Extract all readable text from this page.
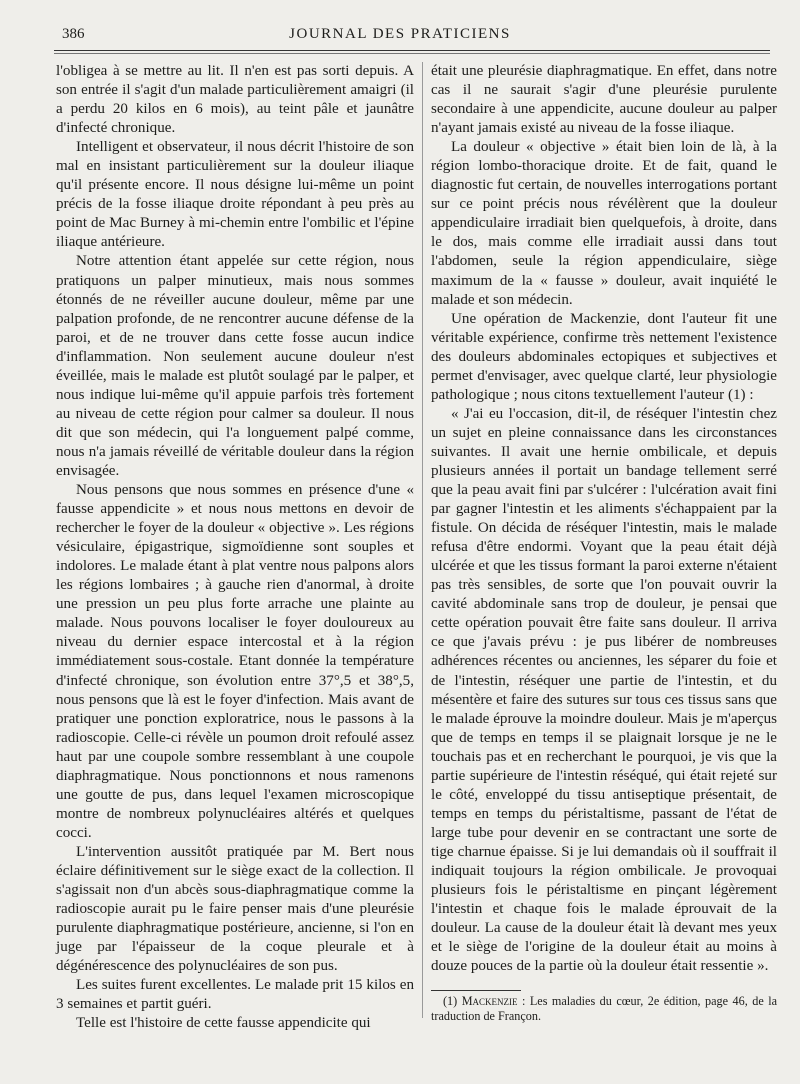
386	JOURNAL DES PRATICIENS

l'obligea à se mettre au lit. Il n'en est pas sorti depuis. A son entrée il s'agit d'un malade particulièrement amaigri (il a perdu 20 kilos en 6 mois), au teint pâle et jaunâtre d'infecté chronique.

Intelligent et observateur, il nous décrit l'histoire de son mal en insistant particulièrement sur la douleur iliaque qu'il présente encore. Il nous désigne lui-même un point précis de la fosse iliaque droite répondant à peu près au point de Mac Burney à mi-chemin entre l'ombilic et l'épine iliaque antérieure.

Notre attention étant appelée sur cette région, nous pratiquons un palper minutieux, mais nous sommes étonnés de ne réveiller aucune douleur, même par une palpation profonde, de ne rencontrer aucune défense de la paroi, et de ne trouver dans cette fosse aucun indice d'inflammation. Non seulement aucune douleur n'est éveillée, mais le malade est plutôt soulagé par le palper, et nous indique lui-même qu'il appuie parfois très fortement au niveau de cette région pour calmer sa douleur. Il nous dit que son médecin, qui l'a longuement palpé comme, nous n'a jamais réveillé de véritable douleur dans la région envisagée.

Nous pensons que nous sommes en présence d'une « fausse appendicite » et nous nous mettons en devoir de rechercher le foyer de la douleur « objective ». Les régions vésiculaire, épigastrique, sigmoïdienne sont souples et indolores. Le malade étant à plat ventre nous palpons alors les régions lombaires ; à gauche rien d'anormal, à droite une pression un peu plus forte arrache une plainte au malade. Nous pouvons localiser le foyer douloureux au niveau du dernier espace intercostal et à la région immédiatement sous-costale. Etant donnée la température d'infecté chronique, son évolution entre 37°,5 et 38°,5, nous pensons que là est le foyer d'infection. Mais avant de pratiquer une ponction exploratrice, nous le passons à la radioscopie. Celle-ci révèle un poumon droit refoulé assez haut par une coupole sombre ressemblant à une coupole diaphragmatique. Nous ponctionnons et nous ramenons une goutte de pus, dans lequel l'examen microscopique montre de nombreux polynucléaires altérés et quelques cocci.

L'intervention aussitôt pratiquée par M. Bert nous éclaire définitivement sur le siège exact de la collection. Il s'agissait non d'un abcès sous-diaphragmatique comme la radioscopie aurait pu le faire penser mais d'une pleurésie purulente diaphragmatique postérieure, ancienne, si l'on en juge par l'épaisseur de la coque pleurale et à dégénérescence des polynucléaires de son pus.

Les suites furent excellentes. Le malade prit 15 kilos en 3 semaines et partit guéri.

Telle est l'histoire de cette fausse appendicite qui

était une pleurésie diaphragmatique. En effet, dans notre cas il ne saurait s'agir d'une pleurésie purulente secondaire à une appendicite, aucune douleur au palper n'ayant jamais existé au niveau de la fosse iliaque.

La douleur « objective » était bien loin de là, à la région lombo-thoracique droite. Et de fait, quand le diagnostic fut certain, de nouvelles interrogations portant sur ce point précis nous révélèrent que la douleur appendiculaire irradiait bien quelquefois, à droite, dans le dos, mais comme elle irradiait aussi dans tout l'abdomen, seule la région appendiculaire, siège maximum de la « fausse » douleur, avait inquiété le malade et son médecin.

Une opération de Mackenzie, dont l'auteur fit une véritable expérience, confirme très nettement l'existence des douleurs abdominales ectopiques et subjectives et permet d'envisager, avec quelque clarté, leur physiologie pathologique ; nous citons textuellement l'auteur (1) :

« J'ai eu l'occasion, dit-il, de réséquer l'intestin chez un sujet en pleine connaissance dans les circonstances suivantes. Il avait une hernie ombilicale, et depuis plusieurs années il portait un bandage tellement serré que la peau avait fini par s'ulcérer : l'ulcération avait fini par gagner l'intestin et les aliments s'échappaient par la fistule. On décida de réséquer l'intestin, mais le malade refusa d'être endormi. Voyant que la peau était déjà ulcérée et que les tissus formant la paroi externe n'étaient pas très sensibles, de sorte que l'on pouvait ouvrir la cavité abdominale sans trop de douleur, je pensai que cette opération pouvait être faite sans douleur. Il arriva ce que j'avais prévu : je pus libérer de nombreuses adhérences récentes ou anciennes, les séparer du foie et de l'intestin, réséquer une partie de l'intestin, et du mésentère et faire des sutures sur tous ces tissus sans que le malade éprouve la moindre douleur. Mais je m'aperçus que de temps en temps il se plaignait lorsque je ne le touchais pas et en recherchant le pourquoi, je vis que la partie supérieure de l'intestin réséqué, qui était rejeté sur le côté, enveloppé du tissu antiseptique présentait, de temps en temps du péristaltisme, passant de l'état de large tube pour devenir en se contractant une sorte de tige charnue épaisse. Si je lui demandais où il souffrait il indiquait toujours la région ombilicale. Je provoquai plusieurs fois le péristaltisme en pinçant légèrement l'intestin et chaque fois le malade éprouvait de la douleur. La cause de la douleur était là devant mes yeux et le siège de l'origine de la douleur était au moins à douze pouces de la partie où la douleur était ressentie ».

(1) Mackenzie : Les maladies du cœur, 2e édition, page 46, de la traduction de Françon.
